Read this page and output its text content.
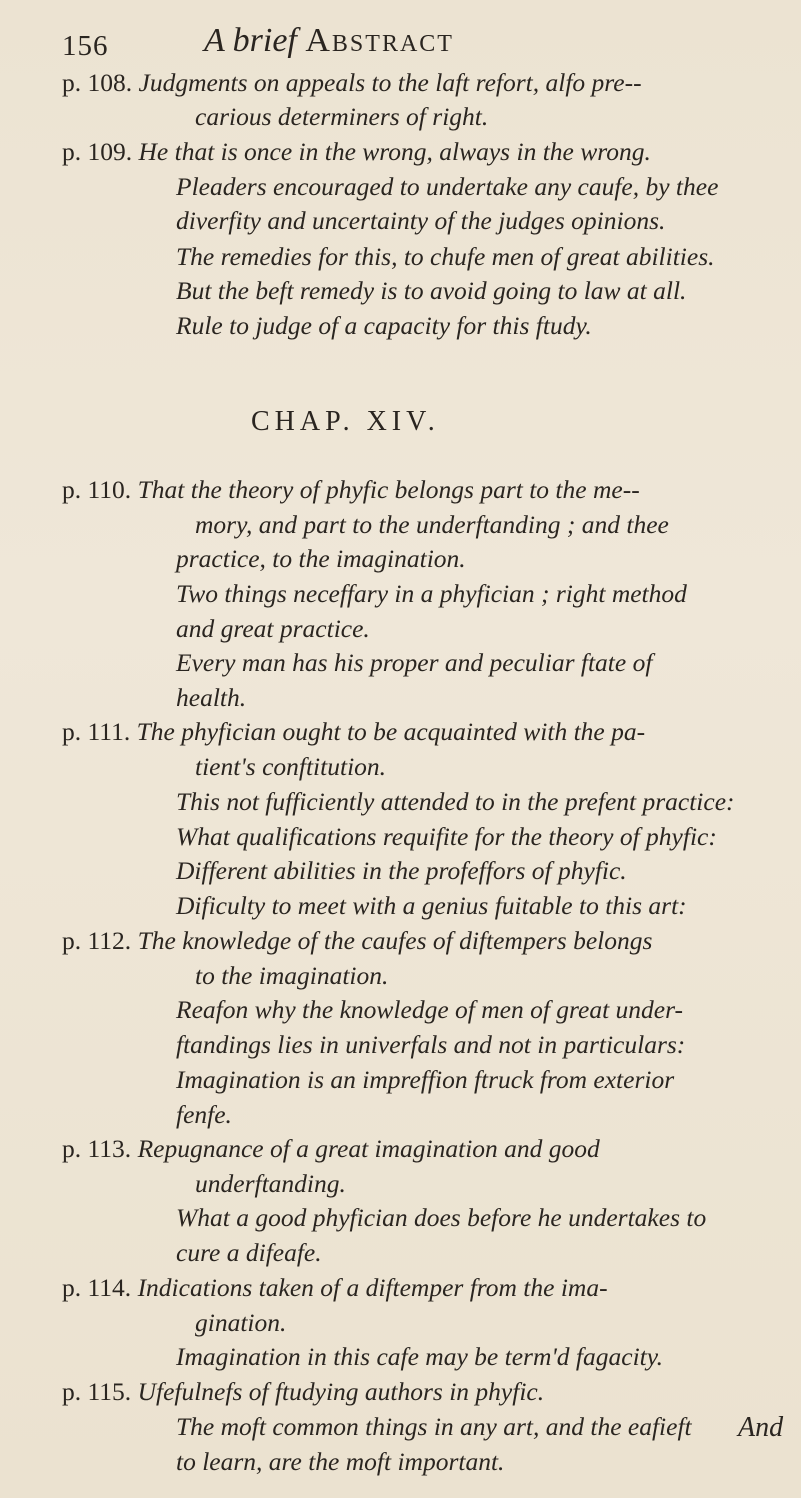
156	A brief Abstract
p. 108. Judgments on appeals to the laft refort, alfo pre--
carious determiners of right.
p. 109. He that is once in the wrong, always in the wrong.
Pleaders encouraged to undertake any caufe, by thee
diverfity and uncertainty of the judges opinions.
The remedies for this, to chufe men of great abilities.
But the beft remedy is to avoid going to law at all.
Rule to judge of a capacity for this ftudy.
p. 110. That the theory of phyfic belongs part to the me--
mory, and part to the underftanding ; and thee
practice, to the imagination.
Two things neceffary in a phyfician ; right method
and great practice.
Every man has his proper and peculiar ftate of
health.
p. 111. The phyfician ought to be acquainted with the pa-
tient's conftitution.
This not fufficiently attended to in the prefent practice:
What qualifications requifite for the theory of phyfic:
Different abilities in the profeffors of phyfic.
Dificulty to meet with a genius fuitable to this art:
p. 112. The knowledge of the caufes of diftempers belongs
to the imagination.
Reafon why the knowledge of men of great under-
ftandings lies in univerfals and not in particulars:
Imagination is an impreffion ftruck from exterior
fenfe.
p. 113. Repugnance of a great imagination and good
underftanding.
What a good phyfician does before he undertakes to
cure a difeafe.
p. 114. Indications taken of a diftemper from the ima-
gination.
Imagination in this cafe may be term'd fagacity.
p. 115. Ufefulnefs of ftudying authors in phyfic.
The moft common things in any art, and the eafieft
to learn, are the moft important.
CHAP. XIV.
And
